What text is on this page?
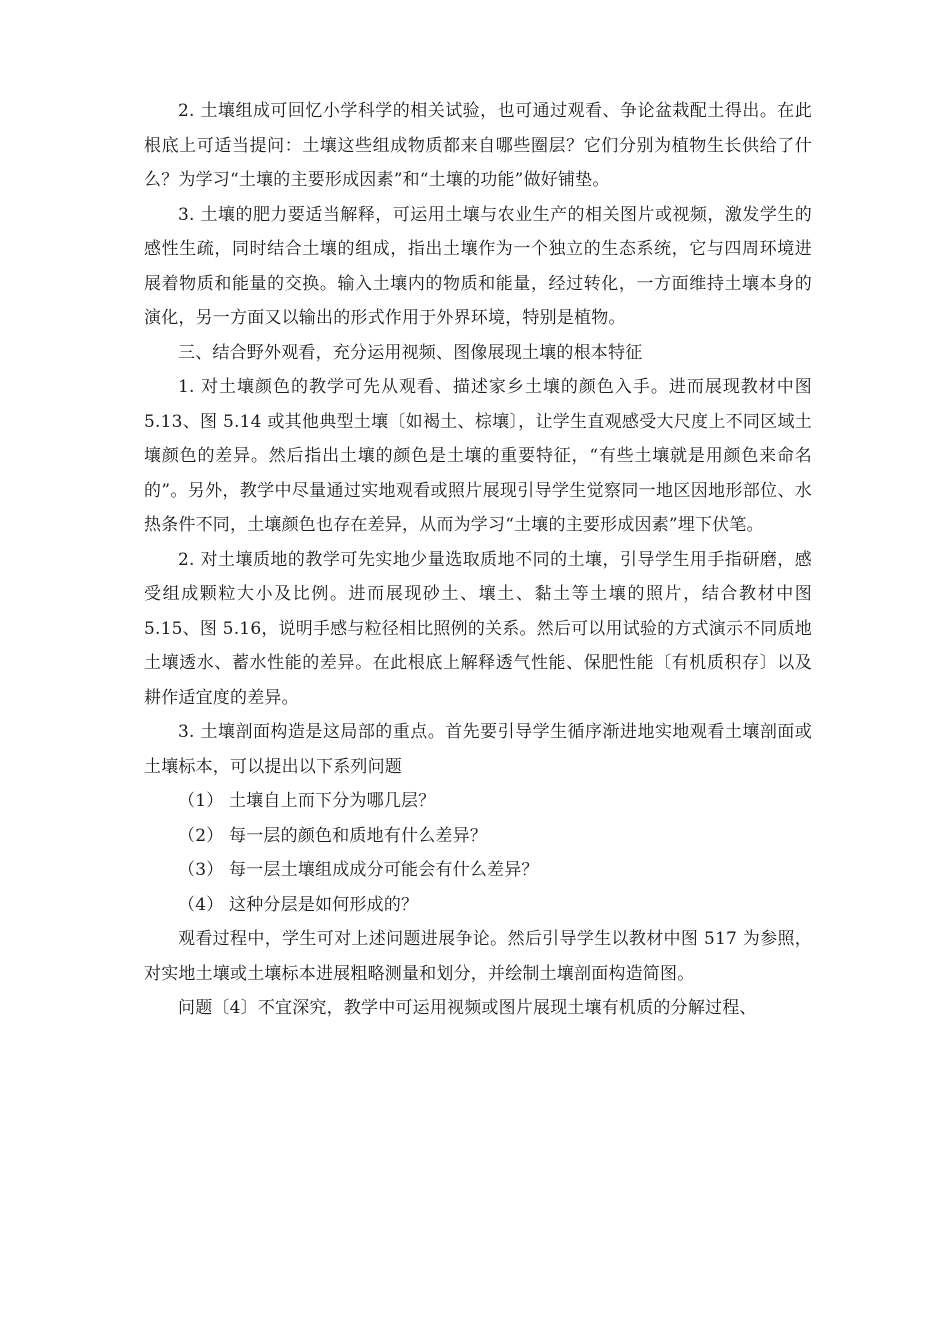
2. 土壤组成可回忆小学科学的相关试验，也可通过观看、争论盆栽配土得出。在此根底上可适当提问：土壤这些组成物质都来自哪些圈层？它们分别为植物生长供给了什么？为学习“土壤的主要形成因素”和“土壤的功能”做好铺垫。

3. 土壤的肥力要适当解释，可运用土壤与农业生产的相关图片或视频，激发学生的感性生疏，同时结合土壤的组成，指出土壤作为一个独立的生态系统，它与四周环境进展着物质和能量的交换。输入土壤内的物质和能量，经过转化，一方面维持土壤本身的演化，另一方面又以输出的形式作用于外界环境，特别是植物。

三、结合野外观看，充分运用视频、图像展现土壤的根本特征

1. 对土壤颜色的教学可先从观看、描述家乡土壤的颜色入手。进而展现教材中图 5.13、图 5.14 或其他典型土壤〔如褐土、棕壤〕，让学生直观感受大尺度上不同区域土壤颜色的差异。然后指出土壤的颜色是土壤的重要特征，“有些土壤就是用颜色来命名的”。另外，教学中尽量通过实地观看或照片展现引导学生觉察同一地区因地形部位、水热条件不同，土壤颜色也存在差异，从而为学习“土壤的主要形成因素”埋下伏笔。

2. 对土壤质地的教学可先实地少量选取质地不同的土壤，引导学生用手指研磨，感受组成颗粒大小及比例。进而展现砂土、壤土、黏土等土壤的照片，结合教材中图 5.15、图 5.16，说明手感与粒径相比照例的关系。然后可以用试验的方式演示不同质地土壤透水、蓄水性能的差异。在此根底上解释透气性能、保肥性能〔有机质积存〕以及耕作适宜度的差异。

3. 土壤剖面构造是这局部的重点。首先要引导学生循序渐进地实地观看土壤剖面或土壤标本，可以提出以下系列问题

（1） 土壤自上而下分为哪几层？

（2） 每一层的颜色和质地有什么差异？

（3） 每一层土壤组成成分可能会有什么差异？

（4） 这种分层是如何形成的？

观看过程中，学生可对上述问题进展争论。然后引导学生以教材中图 517 为参照，对实地土壤或土壤标本进展粗略测量和划分，并绘制土壤剖面构造简图。

问题〔4〕不宜深究，教学中可运用视频或图片展现土壤有机质的分解过程、
